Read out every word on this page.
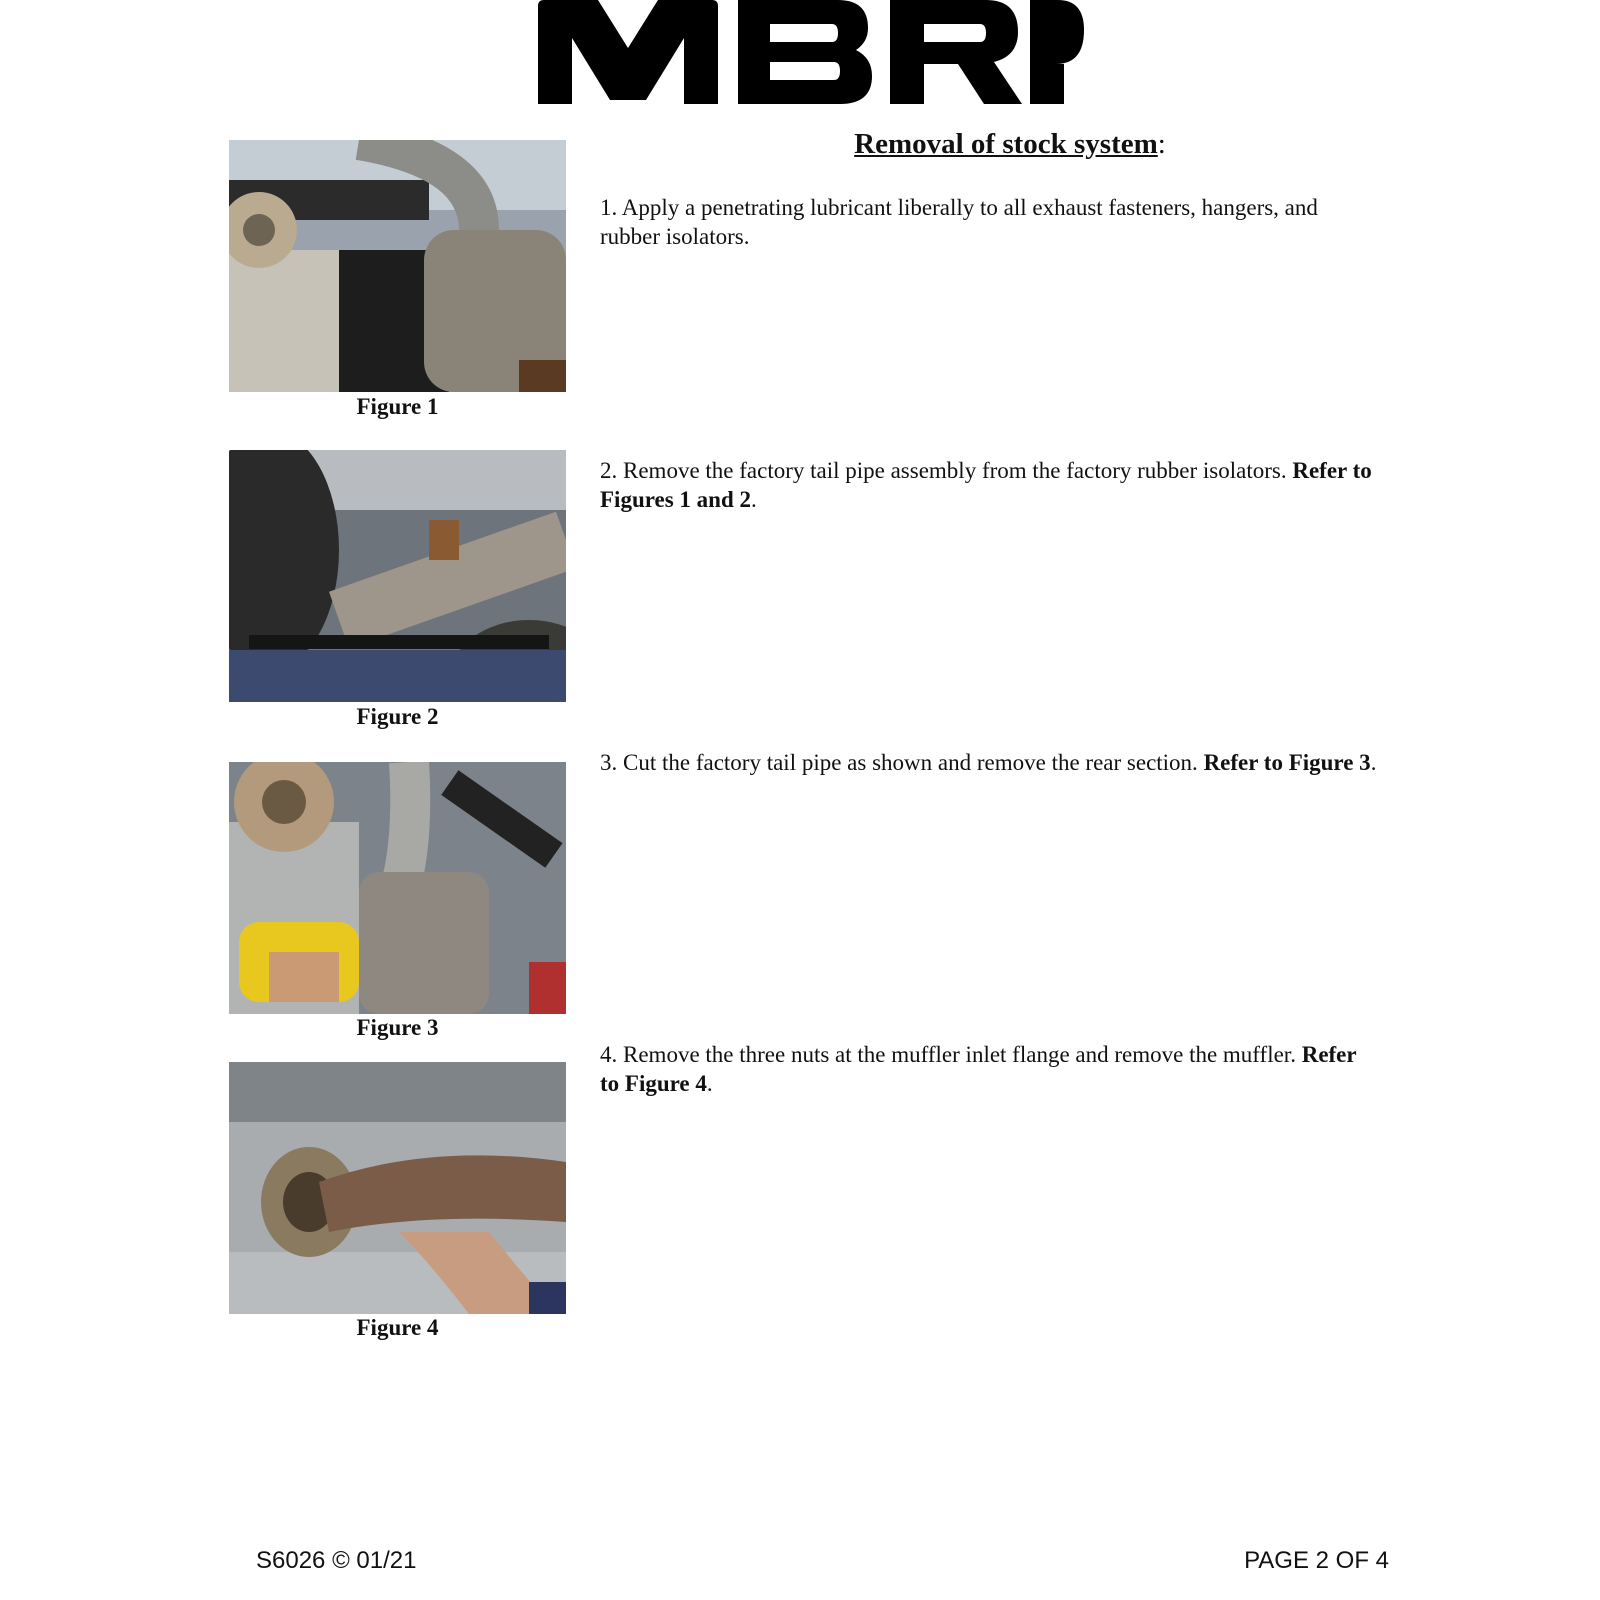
Removal of stock system:
Figure 1
Figure 2
Figure 3
Figure 4
1. Apply a penetrating lubricant liberally to all exhaust fasteners, hangers, and rubber isolators.
2. Remove the factory tail pipe assembly from the factory rubber isolators. Refer to Figures 1 and 2.
3. Cut the factory tail pipe as shown and remove the rear section. Refer to Figure 3.
4. Remove the three nuts at the muffler inlet flange and remove the muffler. Refer to Figure 4.
S6026 © 01/21	PAGE 2 OF 4
